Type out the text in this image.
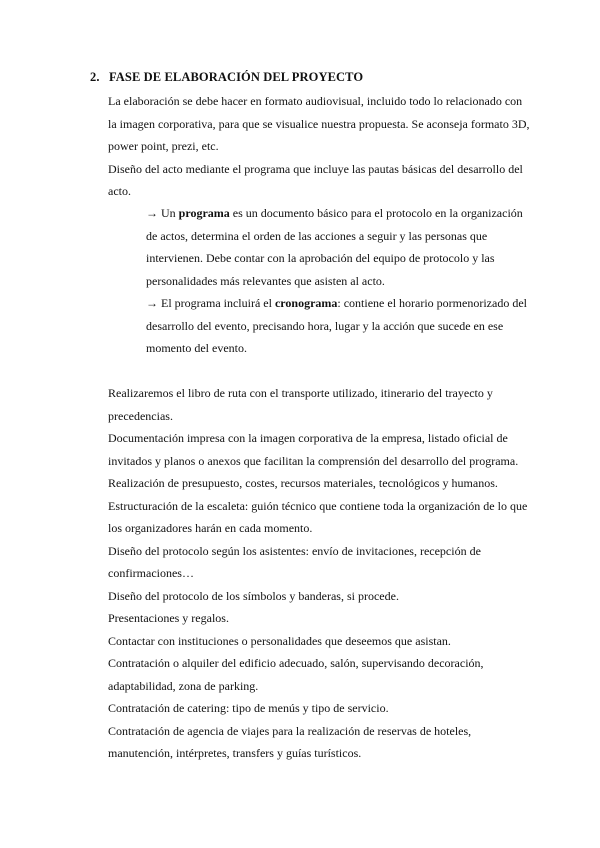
2. FASE DE ELABORACIÓN DEL PROYECTO

La elaboración se debe hacer en formato audiovisual, incluido todo lo relacionado con la imagen corporativa, para que se visualice nuestra propuesta. Se aconseja formato 3D, power point, prezi, etc.

Diseño del acto mediante el programa que incluye las pautas básicas del desarrollo del acto.

→ Un programa es un documento básico para el protocolo en la organización de actos, determina el orden de las acciones a seguir y las personas que intervienen. Debe contar con la aprobación del equipo de protocolo y las personalidades más relevantes que asisten al acto.

→ El programa incluirá el cronograma: contiene el horario pormenorizado del desarrollo del evento, precisando hora, lugar y la acción que sucede en ese momento del evento.

Realizaremos el libro de ruta con el transporte utilizado, itinerario del trayecto y precedencias.

Documentación impresa con la imagen corporativa de la empresa, listado oficial de invitados y planos o anexos que facilitan la comprensión del desarrollo del programa.

Realización de presupuesto, costes, recursos materiales, tecnológicos y humanos.

Estructuración de la escaleta: guión técnico que contiene toda la organización de lo que los organizadores harán en cada momento.

Diseño del protocolo según los asistentes: envío de invitaciones, recepción de confirmaciones…

Diseño del protocolo de los símbolos y banderas, si procede.

Presentaciones y regalos.

Contactar con instituciones o personalidades que deseemos que asistan.

Contratación o alquiler del edificio adecuado, salón, supervisando decoración, adaptabilidad, zona de parking.

Contratación de catering: tipo de menús y tipo de servicio.

Contratación de agencia de viajes para la realización de reservas de hoteles, manutención, intérpretes, transfers y guías turísticos.
